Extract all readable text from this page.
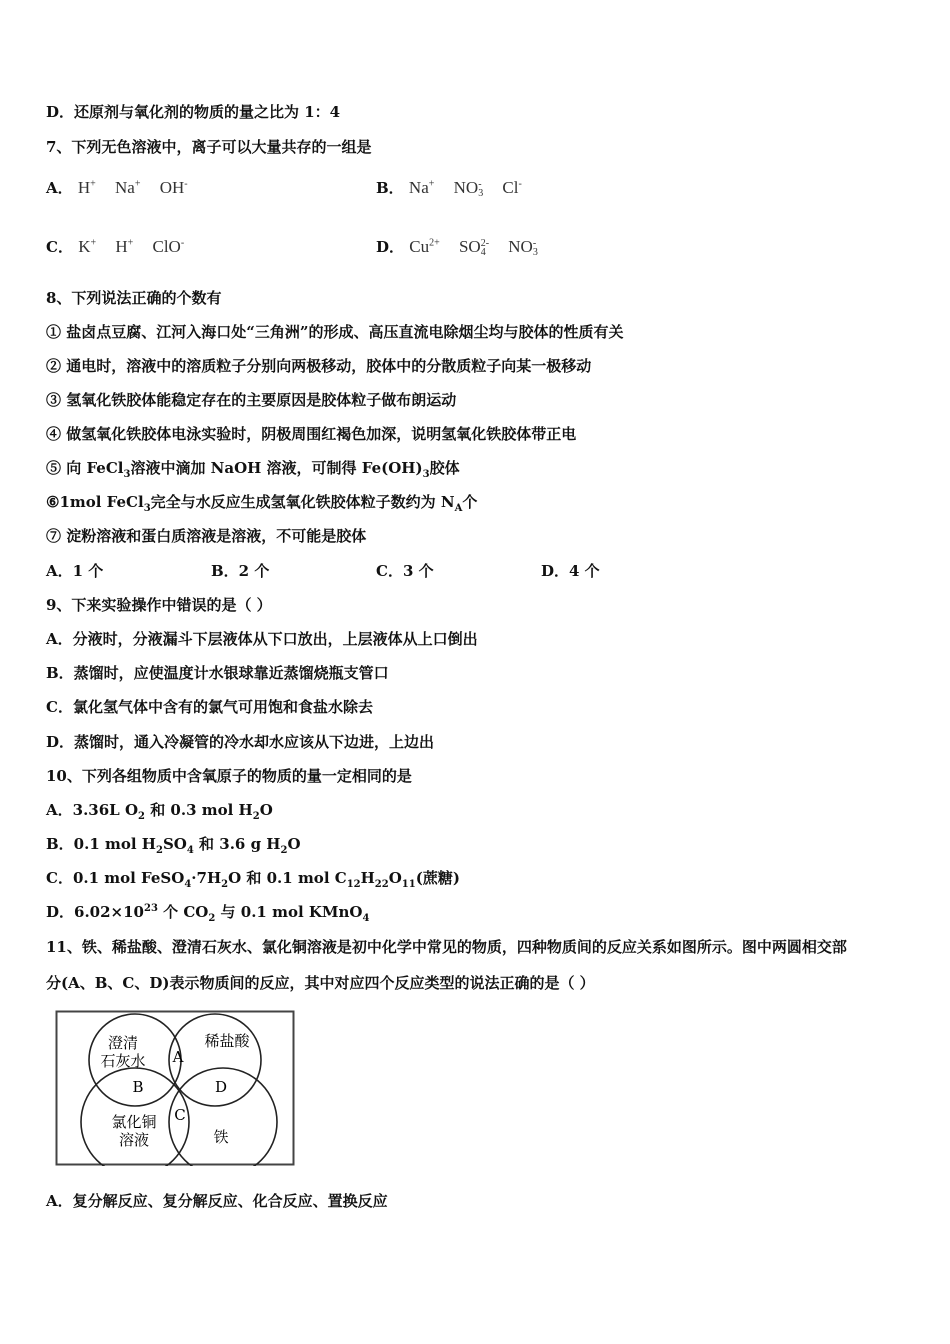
D．还原剂与氧化剂的物质的量之比为 1：4
7、下列无色溶液中，离子可以大量共存的一组是
A． H+ Na+ OH-	B． Na+ NO-
3 Cl-
C． K+ H+ ClO-	D． $Cu^{2+}$ SO2-
4 NO-
3
8、下列说法正确的个数有
① 盐卤点豆腐、江河入海口处“三角洲”的形成、高压直流电除烟尘均与胶体的性质有关
② 通电时，溶液中的溶质粒子分别向两极移动，胶体中的分散质粒子向某一极移动
③ 氢氧化铁胶体能稳定存在的主要原因是胶体粒子做布朗运动
④ 做氢氧化铁胶体电泳实验时，阴极周围红褐色加深，说明氢氧化铁胶体带正电
⑤ 向 FeCl$_3$溶液中滴加 NaOH 溶液，可制得 $Fe(OH)_3$胶体
⑥1mol FeCl$_3$完全与水反应生成氢氧化铁胶体粒子数约为 $N_A$个
⑦ 淀粉溶液和蛋白质溶液是溶液，不可能是胶体
A．1 个	B．2 个	C．3 个	D．4 个
9、下来实验操作中错误的是（ ）
A．分液时，分液漏斗下层液体从下口放出，上层液体从上口倒出
B．蒸馏时，应使温度计水银球靠近蒸馏烧瓶支管口
C．氯化氢气体中含有的氯气可用饱和食盐水除去
D．蒸馏时，通入冷凝管的冷水却水应该从下边进，上边出
10、下列各组物质中含氧原子的物质的量一定相同的是
A．3.36L $O_2$ 和 0.3 mol $H_2O$
B．0.1 mol $H_2SO_4$ 和 3.6 g $H_2O$
C．0.1 mol $FeSO_4\cdot 7H_2O$ 和 0.1 mol $C_{12}H_{22}O_{11}$(蔗糖)
D．$6.02\times 10^{23}$ 个 $CO_2$ 与 0.1 mol KMnO$_4$
11、铁、稀盐酸、澄清石灰水、氯化铜溶液是初中化学中常见的物质，四种物质间的反应关系如图所示。图中两圆相交部
分(A、B、C、D)表示物质间的反应，其中对应四个反应类型的说法正确的是（ ）
澄清
石灰水
稀盐酸
氯化铜
溶液	铁
A
B
C
D
A．复分解反应、复分解反应、化合反应、置换反应
